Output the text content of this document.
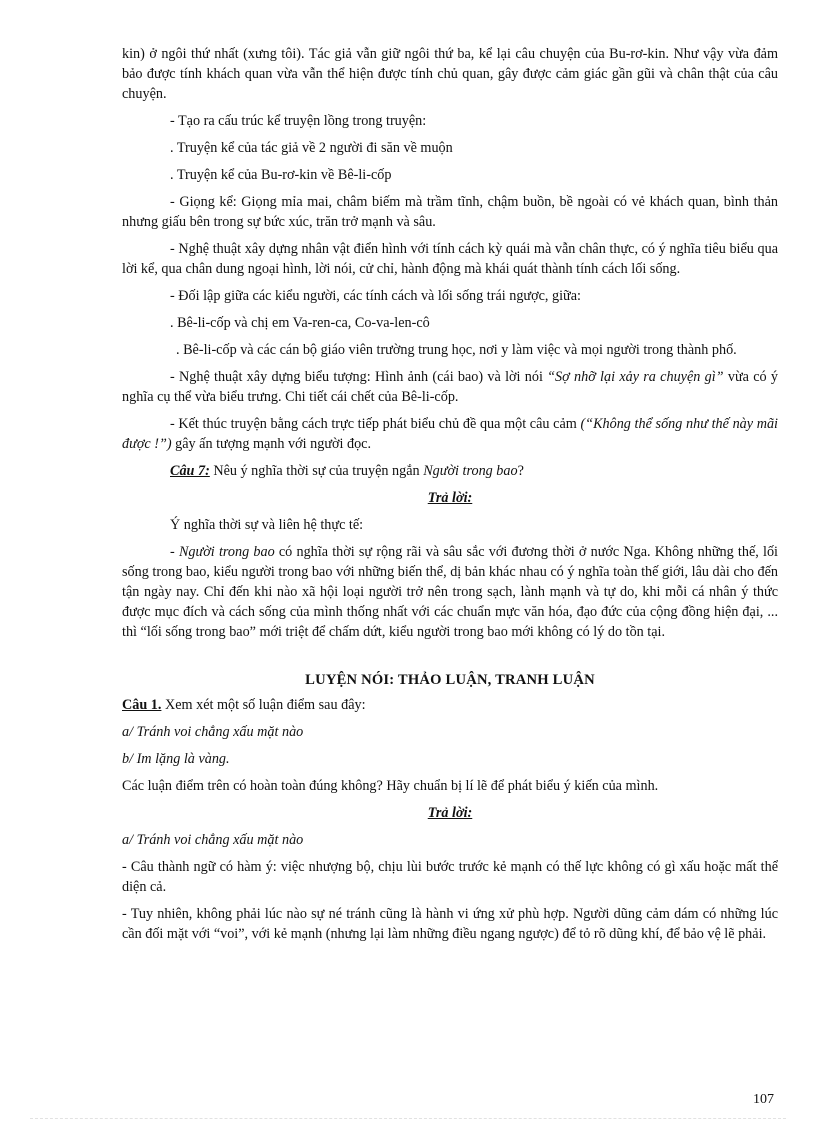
kin) ở ngôi thứ nhất (xưng tôi). Tác giả vẫn giữ ngôi thứ ba, kể lại câu chuyện của Bu-rơ-kin. Như vậy vừa đảm bảo được tính khách quan vừa vẫn thể hiện được tính chủ quan, gây được cảm giác gần gũi và chân thật của câu chuyện.

- Tạo ra cấu trúc kể truyện lồng trong truyện:

. Truyện kể của tác giả về 2 người đi săn về muộn

. Truyện kể của Bu-rơ-kin về Bê-li-cốp

- Giọng kể: Giọng mỉa mai, châm biếm mà trầm tĩnh, chậm buồn, bề ngoài có vẻ khách quan, bình thản nhưng giấu bên trong sự bức xúc, trăn trở mạnh và sâu.

- Nghệ thuật xây dựng nhân vật điển hình với tính cách kỳ quái mà vẫn chân thực, có ý nghĩa tiêu biểu qua lời kể, qua chân dung ngoại hình, lời nói, cử chỉ, hành động mà khái quát thành tính cách lối sống.

- Đối lập giữa các kiểu người, các tính cách và lối sống trái ngược, giữa:

. Bê-li-cốp và chị em Va-ren-ca, Co-va-len-cô

. Bê-li-cốp và các cán bộ giáo viên trường trung học, nơi y làm việc và mọi người trong thành phố.

- Nghệ thuật xây dựng biểu tượng: Hình ảnh (cái bao) và lời nói “Sợ nhỡ lại xảy ra chuyện gì” vừa có ý nghĩa cụ thể vừa biểu trưng. Chi tiết cái chết của Bê-li-cốp.

- Kết thúc truyện bằng cách trực tiếp phát biểu chủ đề qua một câu cảm (“Không thể sống như thế này mãi được !”) gây ấn tượng mạnh với người đọc.

Câu 7: Nêu ý nghĩa thời sự của truyện ngắn Người trong bao?

Trả lời:

Ý nghĩa thời sự và liên hệ thực tế:

- Người trong bao có nghĩa thời sự rộng rãi và sâu sắc với đương thời ở nước Nga. Không những thế, lối sống trong bao, kiểu người trong bao với những biến thể, dị bản khác nhau có ý nghĩa toàn thế giới, lâu dài cho đến tận ngày nay. Chỉ đến khi nào xã hội loại người trở nên trong sạch, lành mạnh và tự do, khi mỗi cá nhân ý thức được mục đích và cách sống của mình thống nhất với các chuẩn mực văn hóa, đạo đức của cộng đồng hiện đại, ... thì “lối sống trong bao” mới triệt để chấm dứt, kiểu người trong bao mới không có lý do tồn tại.

LUYỆN NÓI: THẢO LUẬN, TRANH LUẬN

Câu 1. Xem xét một số luận điểm sau đây:

a/ Tránh voi chẳng xấu mặt nào

b/ Im lặng là vàng.

Các luận điểm trên có hoàn toàn đúng không? Hãy chuẩn bị lí lẽ để phát biểu ý kiến của mình.

Trả lời:

a/ Tránh voi chẳng xấu mặt nào

- Câu thành ngữ có hàm ý: việc nhượng bộ, chịu lùi bước trước kẻ mạnh có thế lực không có gì xấu hoặc mất thể diện cả.

- Tuy nhiên, không phải lúc nào sự né tránh cũng là hành vi ứng xử phù hợp. Người dũng cảm dám có những lúc cần đối mặt với “voi”, với kẻ mạnh (nhưng lại làm những điều ngang ngược) để tỏ rõ dũng khí, để bảo vệ lẽ phải.

107
